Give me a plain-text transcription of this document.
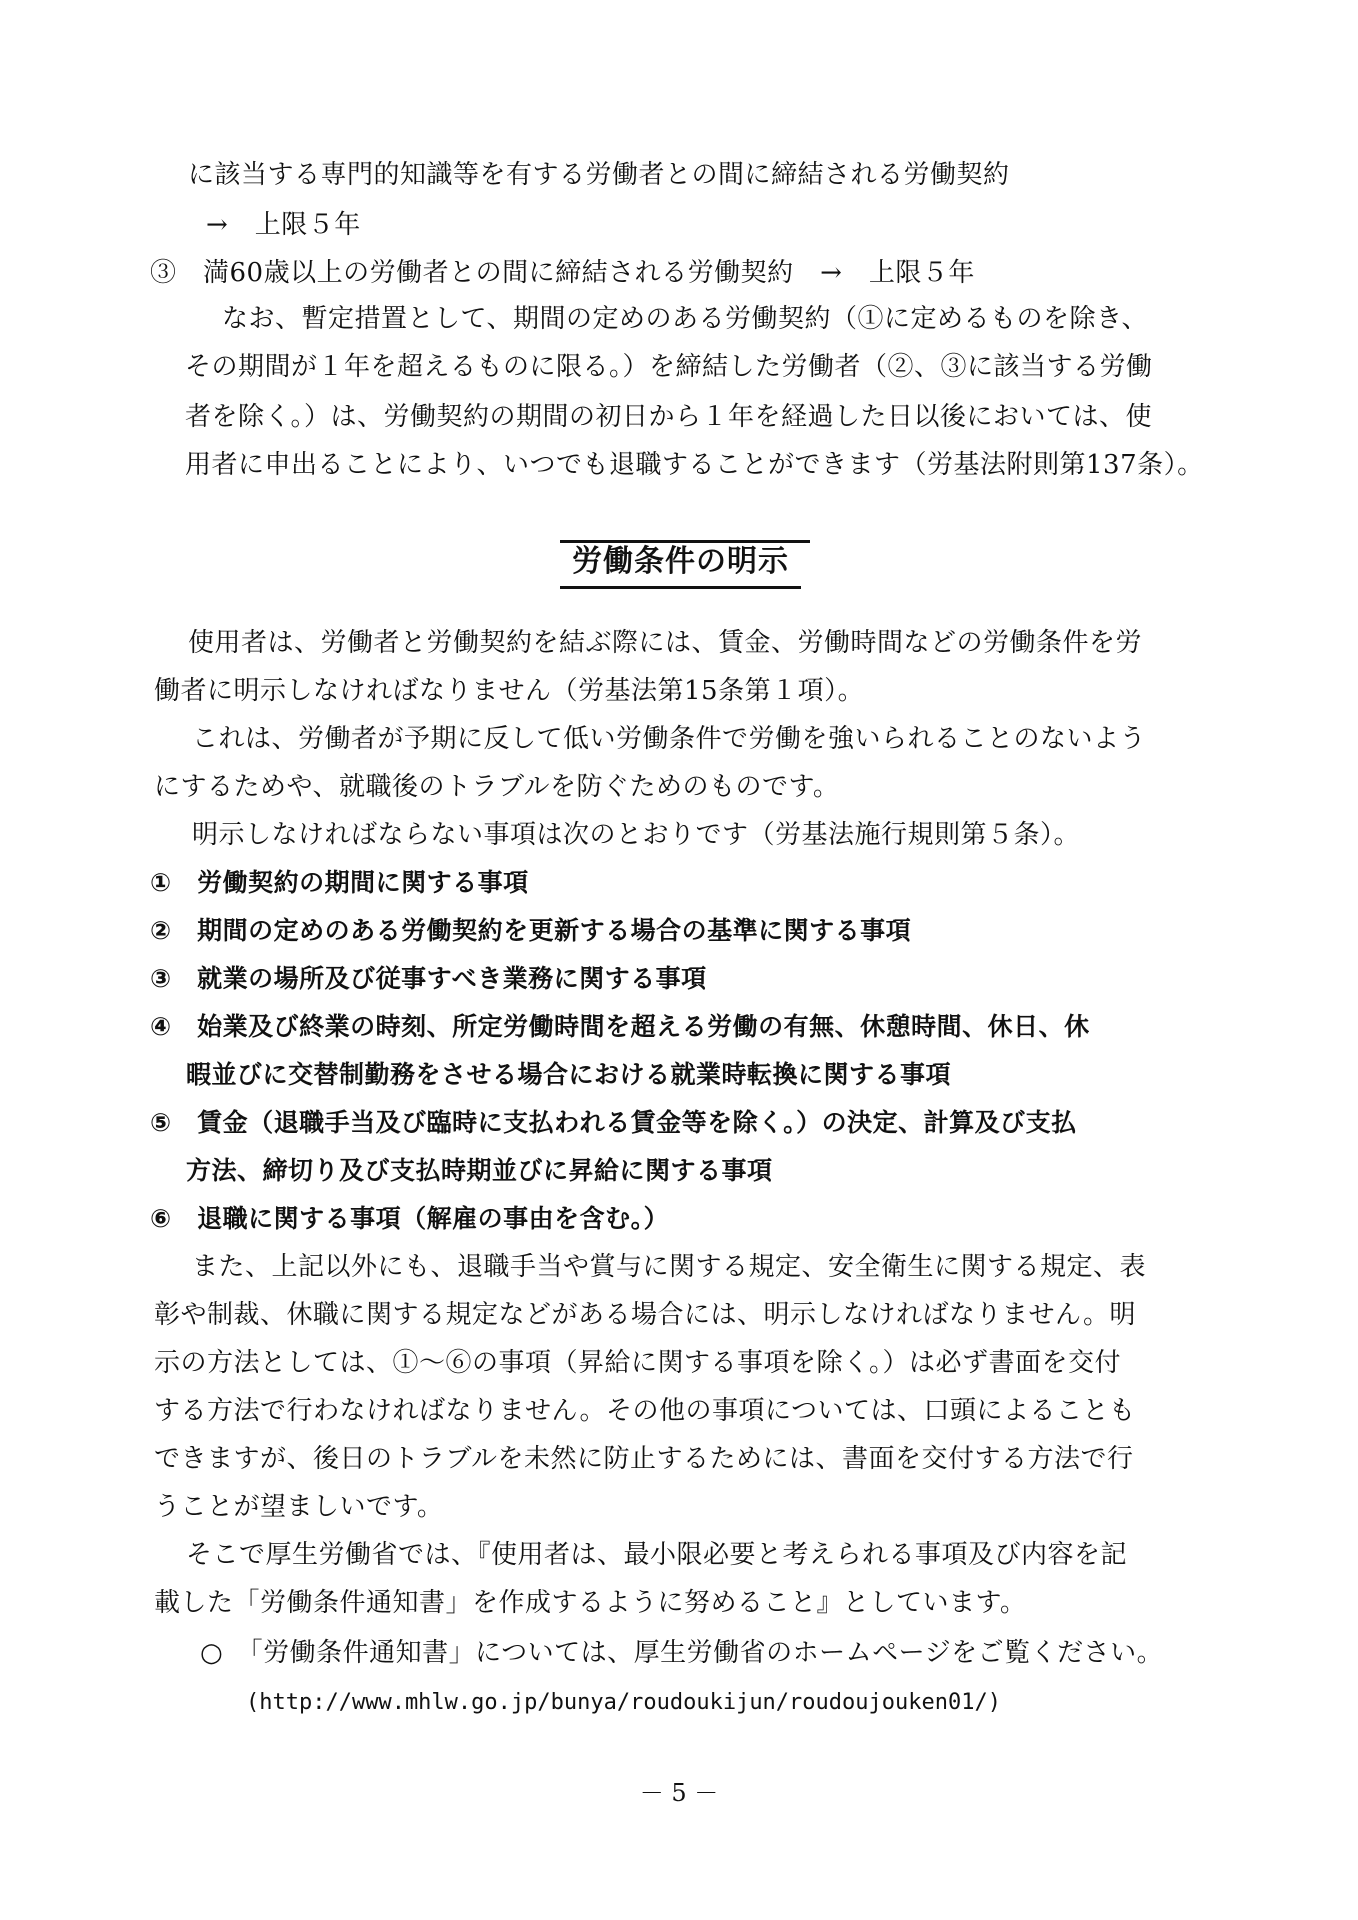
に該当する専門的知識等を有する労働者との間に締結される労働契約
→　上限５年
③　満60歳以上の労働者との間に締結される労働契約　→　上限５年
なお、暫定措置として、期間の定めのある労働契約（①に定めるものを除き、
その期間が１年を超えるものに限る。）を締結した労働者（②、③に該当する労働
者を除く。）は、労働契約の期間の初日から１年を経過した日以後においては、使
用者に申出ることにより、いつでも退職することができます（労基法附則第137条）。
労働条件の明示
使用者は、労働者と労働契約を結ぶ際には、賃金、労働時間などの労働条件を労
働者に明示しなければなりません（労基法第15条第１項）。
これは、労働者が予期に反して低い労働条件で労働を強いられることのないよう
にするためや、就職後のトラブルを防ぐためのものです。
明示しなければならない事項は次のとおりです（労基法施行規則第５条）。
①　労働契約の期間に関する事項
②　期間の定めのある労働契約を更新する場合の基準に関する事項
③　就業の場所及び従事すべき業務に関する事項
④　始業及び終業の時刻、所定労働時間を超える労働の有無、休憩時間、休日、休
暇並びに交替制勤務をさせる場合における就業時転換に関する事項
⑤　賃金（退職手当及び臨時に支払われる賃金等を除く。）の決定、計算及び支払
方法、締切り及び支払時期並びに昇給に関する事項
⑥　退職に関する事項（解雇の事由を含む。）
また、上記以外にも、退職手当や賞与に関する規定、安全衛生に関する規定、表
彰や制裁、休職に関する規定などがある場合には、明示しなければなりません。明
示の方法としては、①～⑥の事項（昇給に関する事項を除く。）は必ず書面を交付
する方法で行わなければなりません。その他の事項については、口頭によることも
できますが、後日のトラブルを未然に防止するためには、書面を交付する方法で行
うことが望ましいです。
そこで厚生労働省では、『使用者は、最小限必要と考えられる事項及び内容を記
載した「労働条件通知書」を作成するように努めること』としています。
○　「労働条件通知書」については、厚生労働省のホームページをご覧ください。
(http://www.mhlw.go.jp/bunya/roudoukijun/roudoujouken01/)
－ 5 －
